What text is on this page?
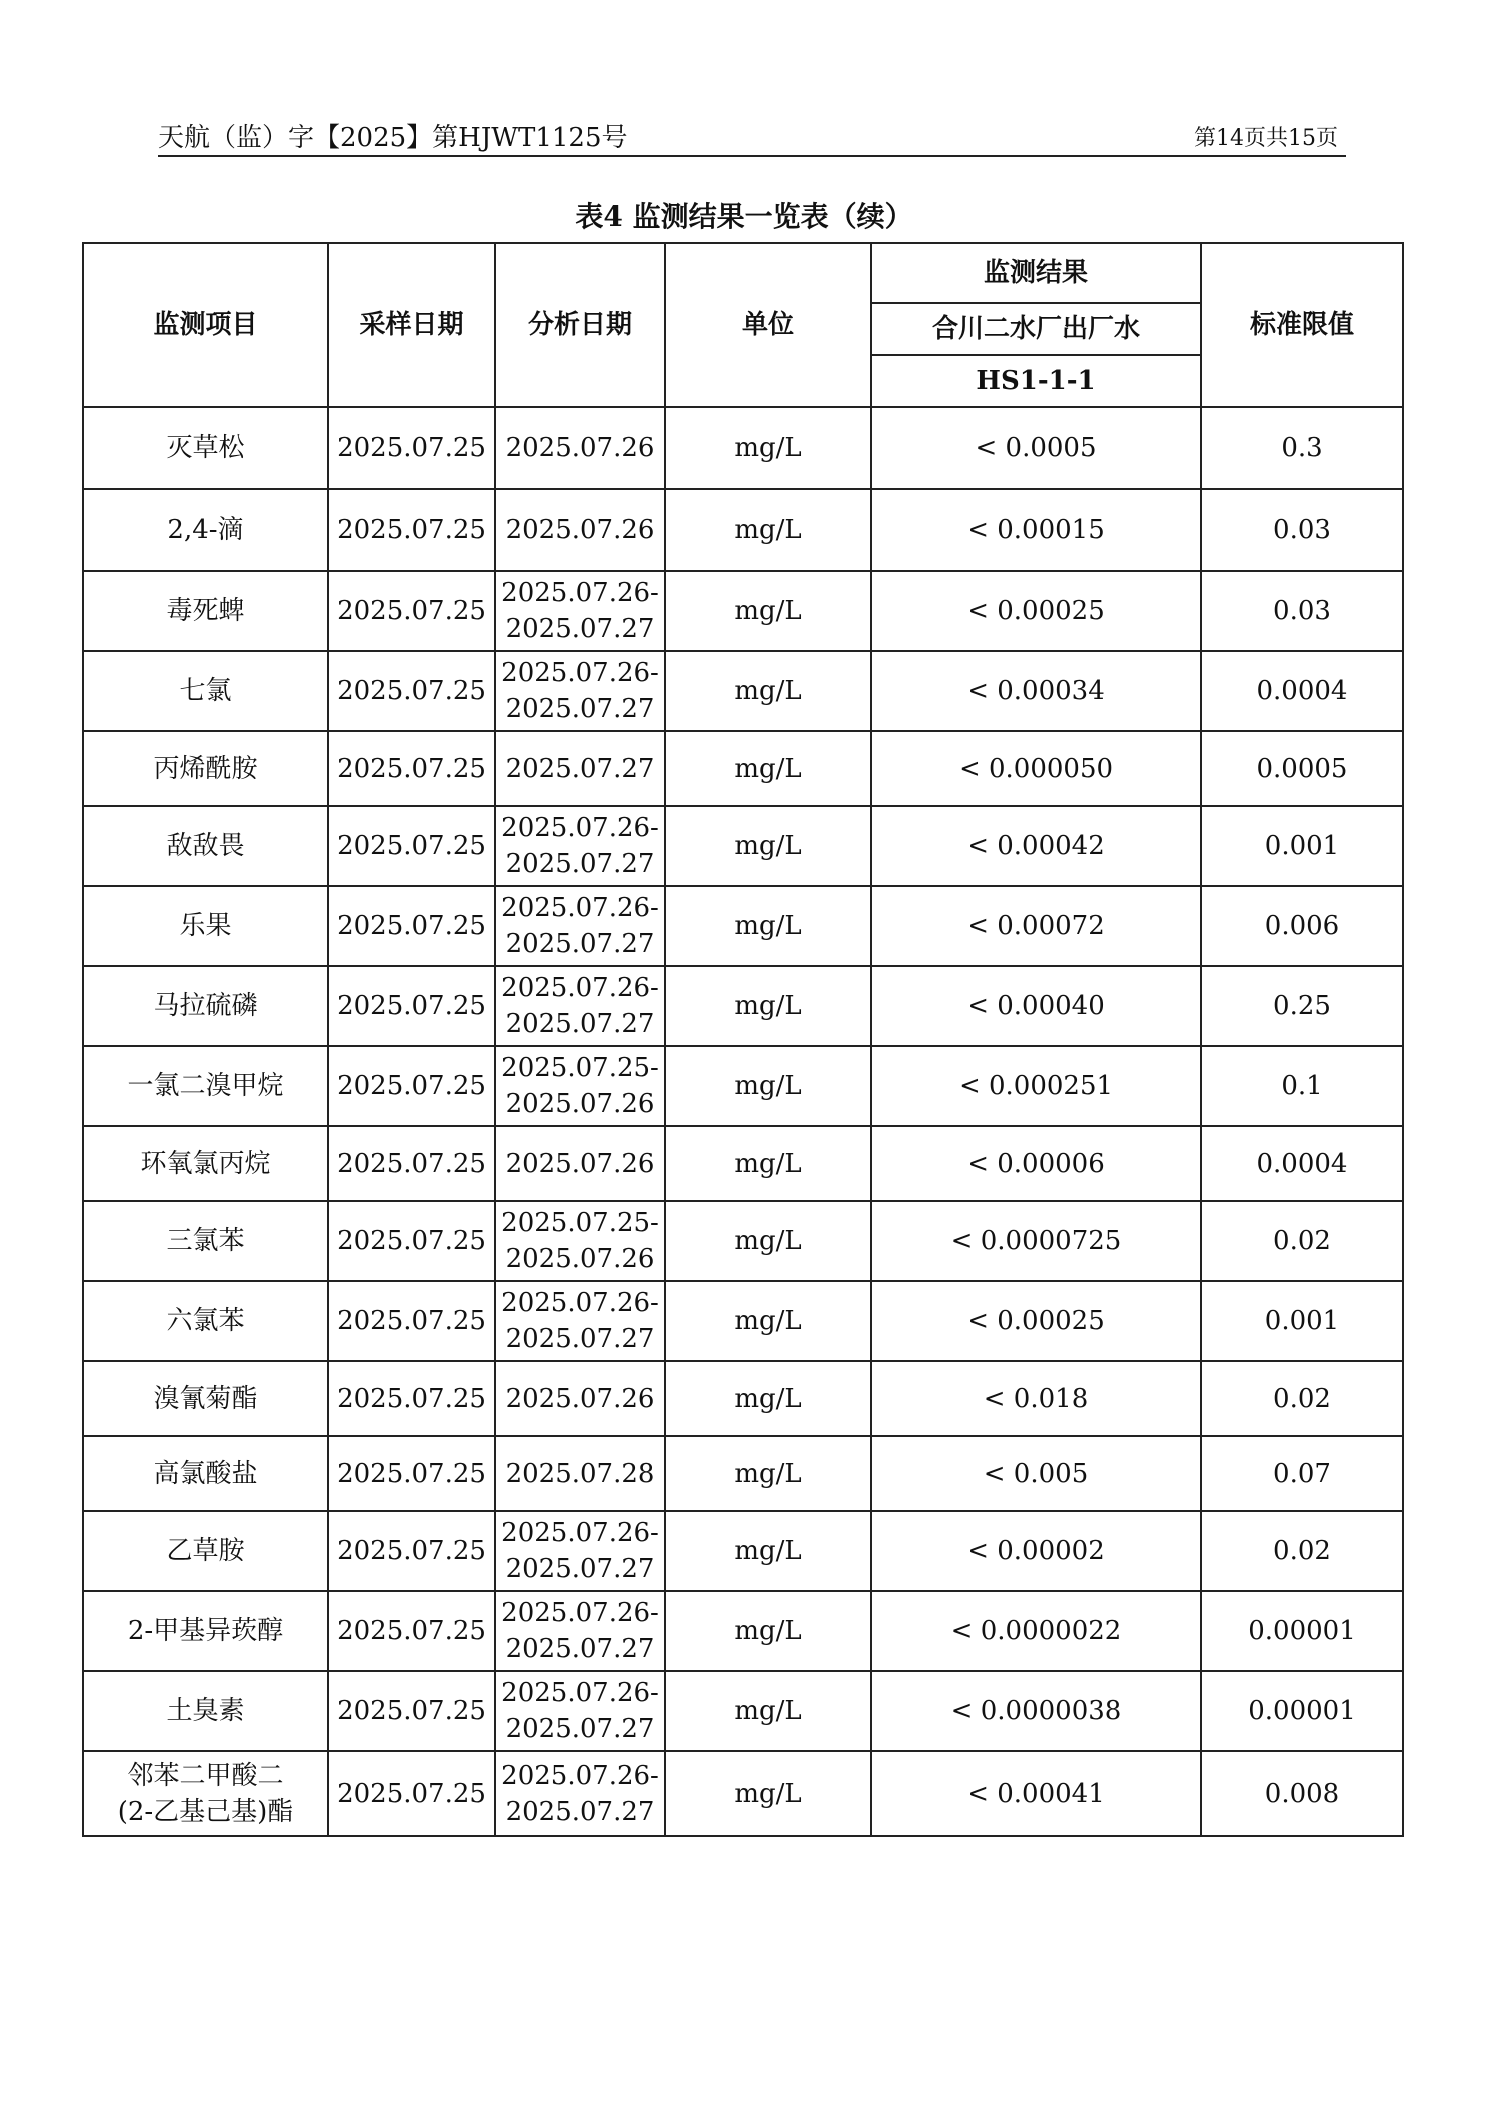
天航（监）字【2025】第HJWT1125号	第14页共15页
表4 监测结果一览表（续）
监测项目	采样日期	分析日期	单位	监测结果	标准限值
				合川二水厂出厂水	
				HS1-1-1	

灭草松	2025.07.25	2025.07.26	mg/L	< 0.0005	0.3

2,4-滴	2025.07.25	2025.07.26	mg/L	< 0.00015	0.03

毒死蜱	2025.07.25	2025.07.26-
2025.07.27	mg/L	< 0.00025	0.03

七氯	2025.07.25	2025.07.26-
2025.07.27	mg/L	< 0.00034	0.0004

丙烯酰胺	2025.07.25	2025.07.27	mg/L	< 0.000050	0.0005

敌敌畏	2025.07.25	2025.07.26-
2025.07.27	mg/L	< 0.00042	0.001

乐果	2025.07.25	2025.07.26-
2025.07.27	mg/L	< 0.00072	0.006

马拉硫磷	2025.07.25	2025.07.26-
2025.07.27	mg/L	< 0.00040	0.25

一氯二溴甲烷	2025.07.25	2025.07.25-
2025.07.26	mg/L	< 0.000251	0.1

环氧氯丙烷	2025.07.25	2025.07.26	mg/L	< 0.00006	0.0004

三氯苯	2025.07.25	2025.07.25-
2025.07.26	mg/L	< 0.0000725	0.02

六氯苯	2025.07.25	2025.07.26-
2025.07.27	mg/L	< 0.00025	0.001

溴氰菊酯	2025.07.25	2025.07.26	mg/L	< 0.018	0.02

高氯酸盐	2025.07.25	2025.07.28	mg/L	< 0.005	0.07

乙草胺	2025.07.25	2025.07.26-
2025.07.27	mg/L	< 0.00002	0.02

2-甲基异莰醇	2025.07.25	2025.07.26-
2025.07.27	mg/L	< 0.0000022	0.00001

土臭素	2025.07.25	2025.07.26-
2025.07.27	mg/L	< 0.0000038	0.00001

邻苯二甲酸二
(2-乙基己基)酯	2025.07.25	2025.07.26-
2025.07.27	mg/L	< 0.00041	0.008
